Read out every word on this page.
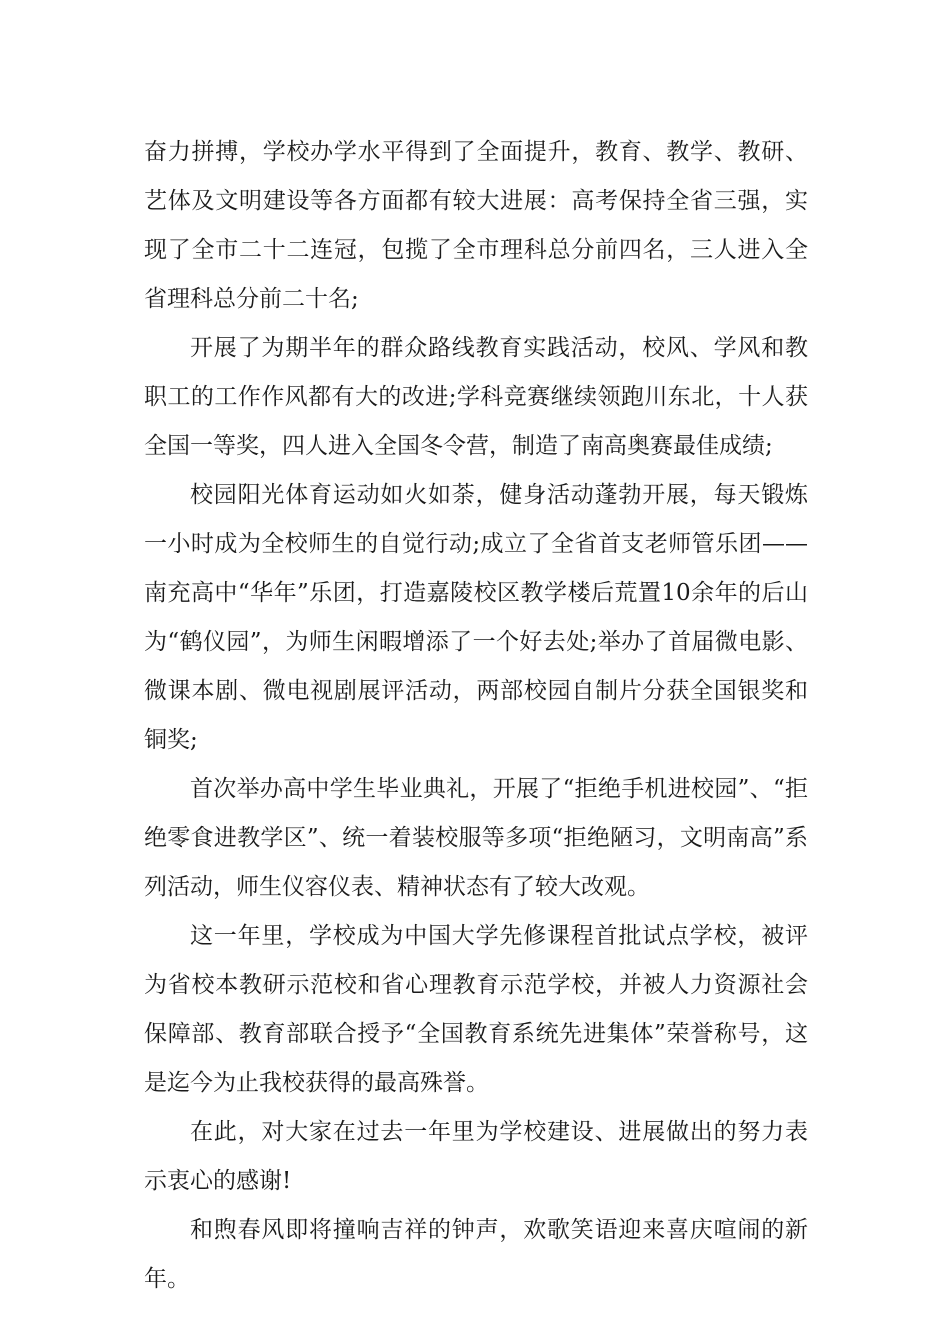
奋力拼搏，学校办学水平得到了全面提升，教育、教学、教研、艺体及文明建设等各方面都有较大进展：高考保持全省三强，实现了全市二十二连冠，包揽了全市理科总分前四名，三人进入全省理科总分前二十名;

开展了为期半年的群众路线教育实践活动，校风、学风和教职工的工作作风都有大的改进;学科竞赛继续领跑川东北，十人获全国一等奖，四人进入全国冬令营，制造了南高奥赛最佳成绩;

校园阳光体育运动如火如荼，健身活动蓬勃开展，每天锻炼一小时成为全校师生的自觉行动;成立了全省首支老师管乐团——南充高中“华年”乐团，打造嘉陵校区教学楼后荒置10余年的后山为“鹤仪园”，为师生闲暇增添了一个好去处;举办了首届微电影、微课本剧、微电视剧展评活动，两部校园自制片分获全国银奖和铜奖;

首次举办高中学生毕业典礼，开展了“拒绝手机进校园”、“拒绝零食进教学区”、统一着装校服等多项“拒绝陋习，文明南高”系列活动，师生仪容仪表、精神状态有了较大改观。

这一年里，学校成为中国大学先修课程首批试点学校，被评为省校本教研示范校和省心理教育示范学校，并被人力资源社会保障部、教育部联合授予“全国教育系统先进集体”荣誉称号，这是迄今为止我校获得的最高殊誉。

在此，对大家在过去一年里为学校建设、进展做出的努力表示衷心的感谢!

和煦春风即将撞响吉祥的钟声，欢歌笑语迎来喜庆喧闹的新年。
